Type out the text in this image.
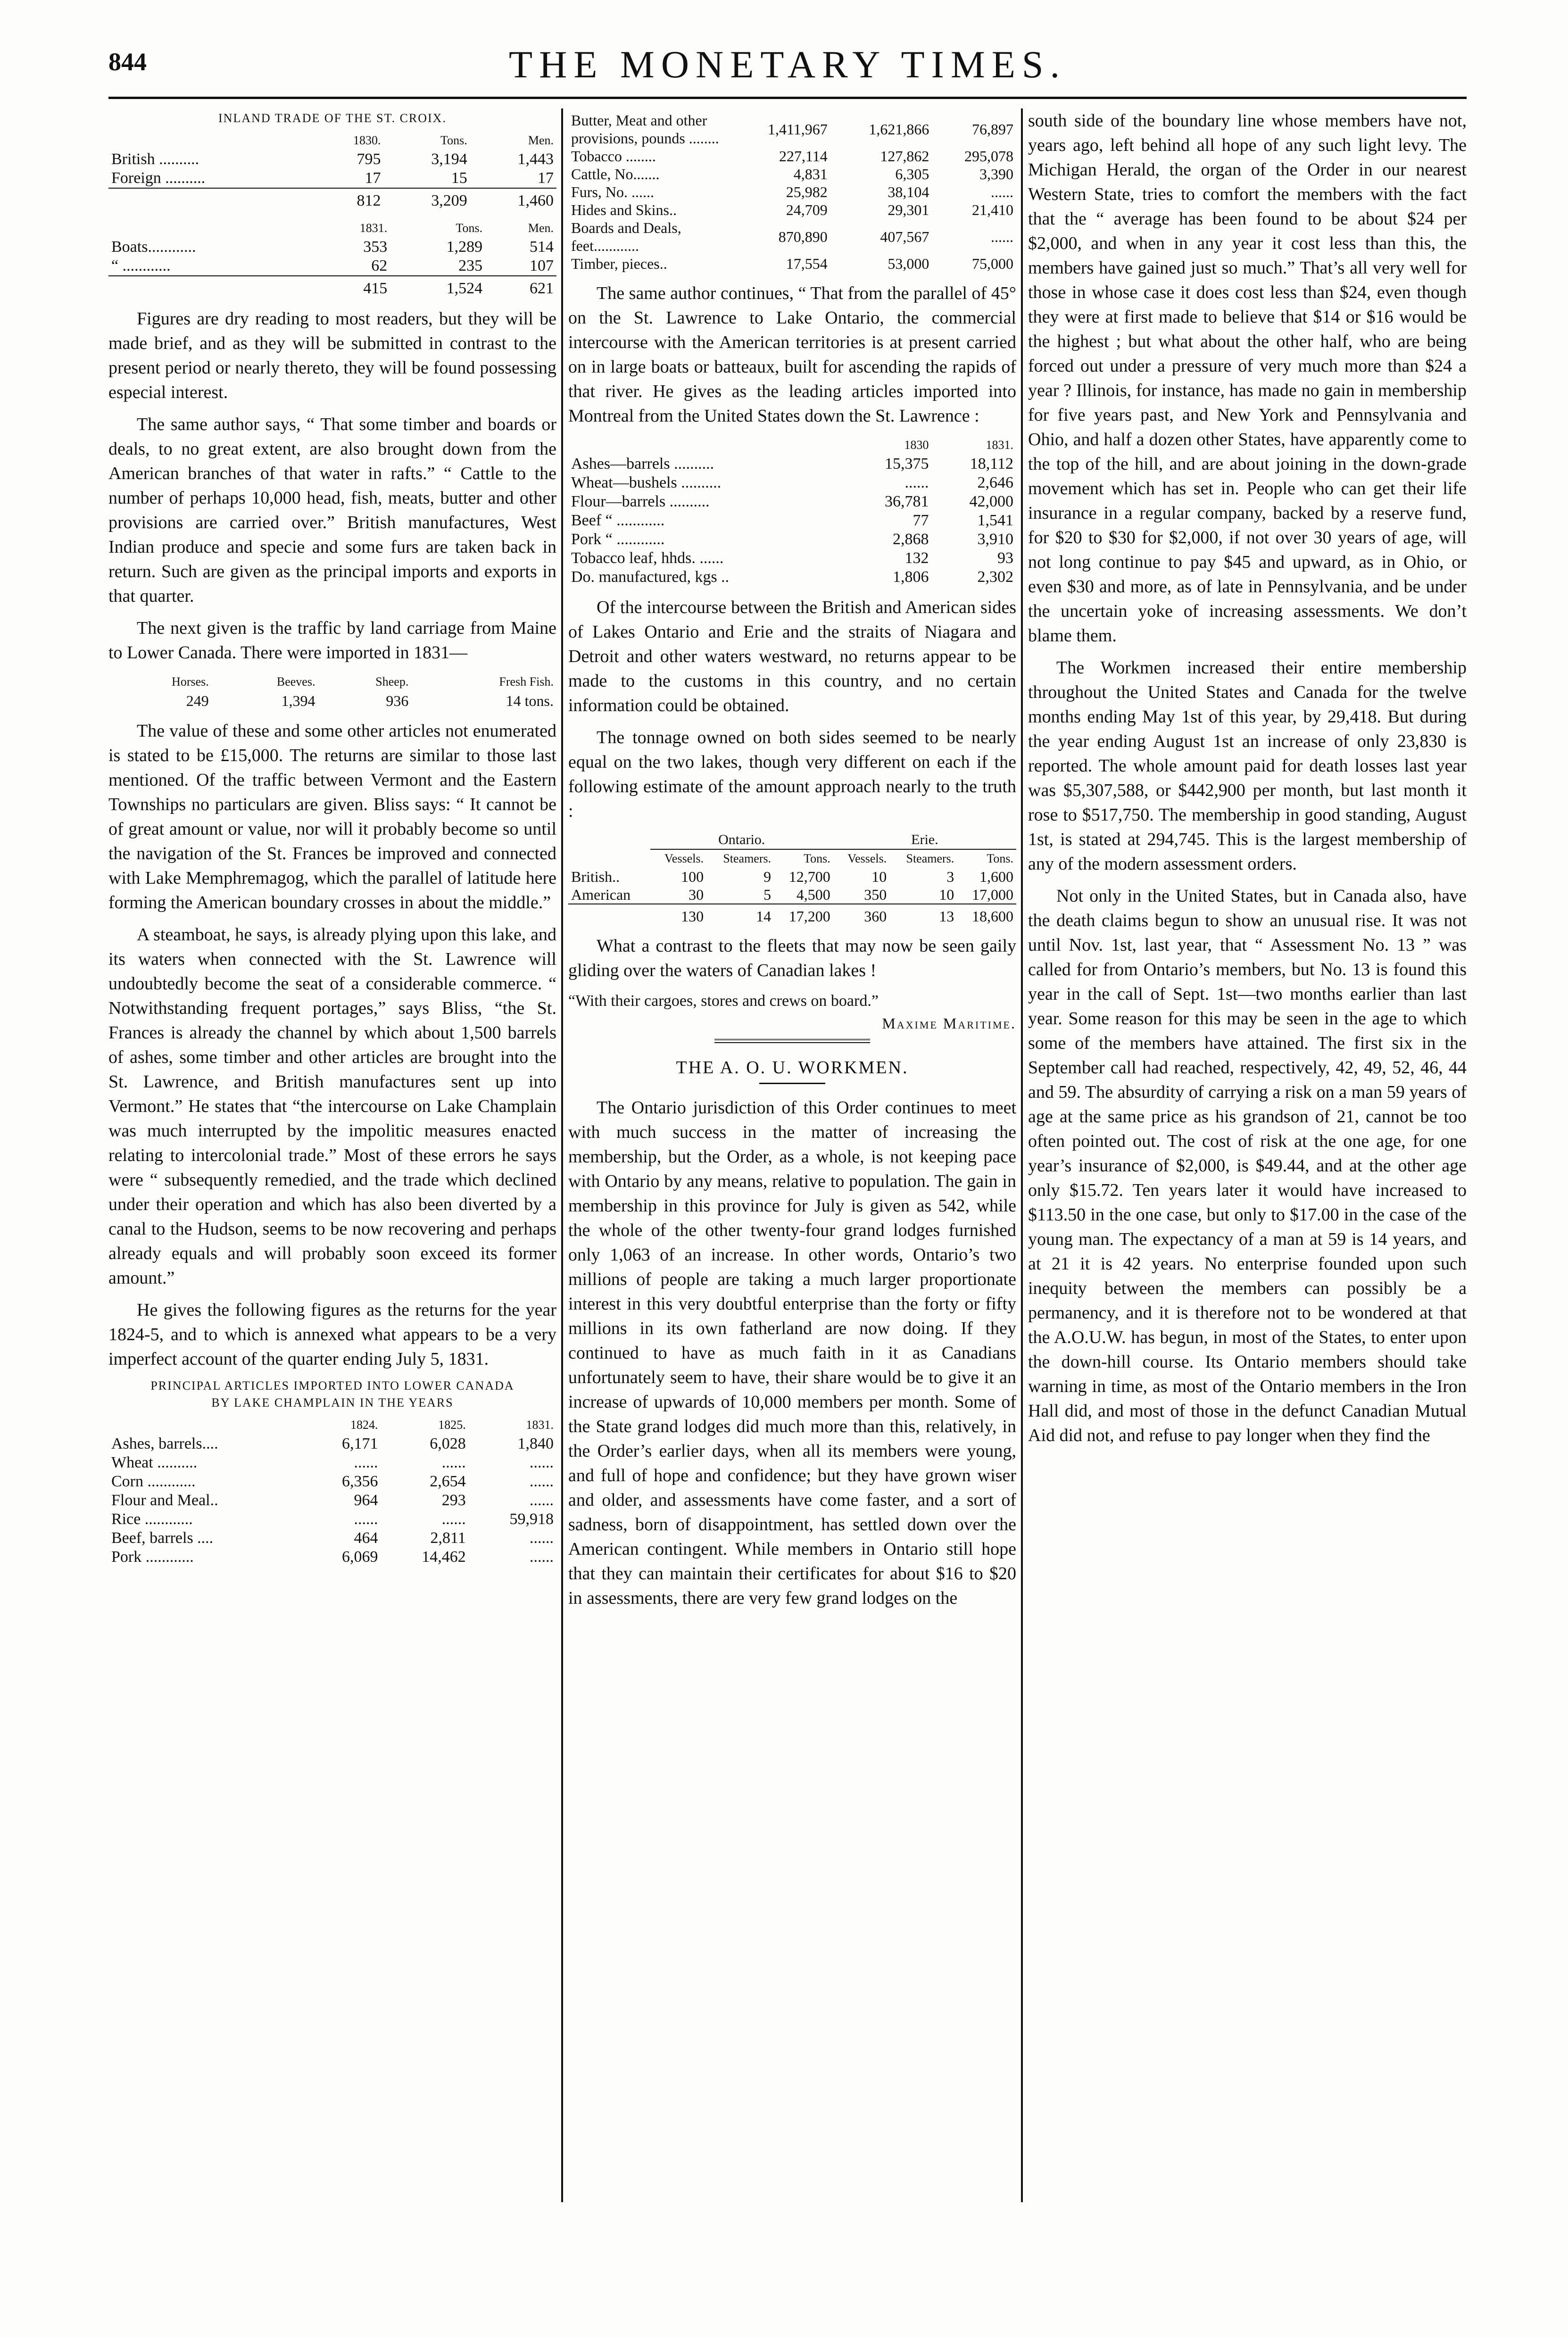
844	THE MONETARY TIMES.
INLAND TRADE OF THE ST. CROIX.
	1830.	Tons.	Men.
British ..........	795	3,194	1,443
Foreign ..........	17	15	17
	812	3,209	1,460
	1831.	Tons.	Men.
Boats............	353	1,289	514
“ ............	62	235	107
	415	1,524	621

Figures are dry reading to most readers, but they will be made brief, and as they will be submitted in contrast to the present period or nearly thereto, they will be found possessing especial interest.

The same author says, “ That some timber and boards or deals, to no great extent, are also brought down from the American branches of that water in rafts.” “ Cattle to the number of perhaps 10,000 head, fish, meats, butter and other provisions are carried over.” British manufactures, West Indian produce and specie and some furs are taken back in return. Such are given as the principal imports and exports in that quarter.

The next given is the traffic by land carriage from Maine to Lower Canada. There were imported in 1831—

Horses.	Beeves.	Sheep.	Fresh Fish.
249	1,394	936	14 tons.

The value of these and some other articles not enumerated is stated to be £15,000. The returns are similar to those last mentioned. Of the traffic between Vermont and the Eastern Townships no particulars are given. Bliss says: “ It cannot be of great amount or value, nor will it probably become so until the navigation of the St. Frances be improved and connected with Lake Memphremagog, which the parallel of latitude here forming the American boundary crosses in about the middle.”

A steamboat, he says, is already plying upon this lake, and its waters when connected with the St. Lawrence will undoubtedly become the seat of a considerable commerce. “ Notwithstanding frequent portages,” says Bliss, “the St. Frances is already the channel by which about 1,500 barrels of ashes, some timber and other articles are brought into the St. Lawrence, and British manufactures sent up into Vermont.” He states that “the intercourse on Lake Champlain was much interrupted by the impolitic measures enacted relating to intercolonial trade.” Most of these errors he says were “ subsequently remedied, and the trade which declined under their operation and which has also been diverted by a canal to the Hudson, seems to be now recovering and perhaps already equals and will probably soon exceed its former amount.”

He gives the following figures as the returns for the year 1824-5, and to which is annexed what appears to be a very imperfect account of the quarter ending July 5, 1831.

PRINCIPAL ARTICLES IMPORTED INTO LOWER CANADA
BY LAKE CHAMPLAIN IN THE YEARS
	1824.	1825.	1831.
Ashes, barrels....	6,171	6,028	1,840
Wheat ..........	......	......	......
Corn ............	6,356	2,654	......
Flour and Meal..	964	293	......
Rice ............	......	......	59,918
Beef, barrels ....	464	2,811	......
Pork ............	6,069	14,462	......
Butter, Meat and other provisions, pounds ........	1,411,967	1,621,866	76,897
Tobacco ........	227,114	127,862	295,078
Cattle, No.......	4,831	6,305	3,390
Furs, No. ......	25,982	38,104	......
Hides and Skins..	24,709	29,301	21,410
Boards and Deals, feet............	870,890	407,567	......
Timber, pieces..	17,554	53,000	75,000

The same author continues, “ That from the parallel of 45° on the St. Lawrence to Lake Ontario, the commercial intercourse with the American territories is at present carried on in large boats or batteaux, built for ascending the rapids of that river. He gives as the leading articles imported into Montreal from the United States down the St. Lawrence :

	1830	1831.
Ashes—barrels ..........	15,375	18,112
Wheat—bushels ..........	......	2,646
Flour—barrels ..........	36,781	42,000
Beef “ ............	77	1,541
Pork “ ............	2,868	3,910
Tobacco leaf, hhds. ......	132	93
Do. manufactured, kgs ..	1,806	2,302

Of the intercourse between the British and American sides of Lakes Ontario and Erie and the straits of Niagara and Detroit and other waters westward, no returns appear to be made to the customs in this country, and no certain information could be obtained.

The tonnage owned on both sides seemed to be nearly equal on the two lakes, though very different on each if the following estimate of the amount approach nearly to the truth :

	Ontario.			Erie.		
	Vessels.	Steamers.	Tons.	Vessels.	Steamers.	Tons.
British..	100	9	12,700	10	3	1,600
American	30	5	4,500	350	10	17,000
	130	14	17,200	360	13	18,600

What a contrast to the fleets that may now be seen gaily gliding over the waters of Canadian lakes !

“With their cargoes, stores and crews on board.”

Maxime Maritime.

THE A. O. U. WORKMEN.

The Ontario jurisdiction of this Order continues to meet with much success in the matter of increasing the membership, but the Order, as a whole, is not keeping pace with Ontario by any means, relative to population. The gain in membership in this province for July is given as 542, while the whole of the other twenty-four grand lodges furnished only 1,063 of an increase. In other words, Ontario’s two millions of people are taking a much larger proportionate interest in this very doubtful enterprise than the forty or fifty millions in its own fatherland are now doing. If they continued to have as much faith in it as Canadians unfortunately seem to have, their share would be to give it an increase of upwards of 10,000 members per month. Some of the State grand lodges did much more than this, relatively, in the Order’s earlier days, when all its members were young, and full of hope and confidence; but they have grown wiser and older, and assessments have come faster, and a sort of sadness, born of disappointment, has settled down over the American contingent. While members in Ontario still hope that they can maintain their certificates for about $16 to $20 in assessments, there are very few grand lodges on the

south side of the boundary line whose members have not, years ago, left behind all hope of any such light levy. The Michigan Herald, the organ of the Order in our nearest Western State, tries to comfort the members with the fact that the “ average has been found to be about $24 per $2,000, and when in any year it cost less than this, the members have gained just so much.” That’s all very well for those in whose case it does cost less than $24, even though they were at first made to believe that $14 or $16 would be the highest ; but what about the other half, who are being forced out under a pressure of very much more than $24 a year ? Illinois, for instance, has made no gain in membership for five years past, and New York and Pennsylvania and Ohio, and half a dozen other States, have apparently come to the top of the hill, and are about joining in the down-grade movement which has set in. People who can get their life insurance in a regular company, backed by a reserve fund, for $20 to $30 for $2,000, if not over 30 years of age, will not long continue to pay $45 and upward, as in Ohio, or even $30 and more, as of late in Pennsylvania, and be under the uncertain yoke of increasing assessments. We don’t blame them.

The Workmen increased their entire membership throughout the United States and Canada for the twelve months ending May 1st of this year, by 29,418. But during the year ending August 1st an increase of only 23,830 is reported. The whole amount paid for death losses last year was $5,307,588, or $442,900 per month, but last month it rose to $517,750. The membership in good standing, August 1st, is stated at 294,745. This is the largest membership of any of the modern assessment orders.

Not only in the United States, but in Canada also, have the death claims begun to show an unusual rise. It was not until Nov. 1st, last year, that “ Assessment No. 13 ” was called for from Ontario’s members, but No. 13 is found this year in the call of Sept. 1st—two months earlier than last year. Some reason for this may be seen in the age to which some of the members have attained. The first six in the September call had reached, respectively, 42, 49, 52, 46, 44 and 59. The absurdity of carrying a risk on a man 59 years of age at the same price as his grandson of 21, cannot be too often pointed out. The cost of risk at the one age, for one year’s insurance of $2,000, is $49.44, and at the other age only $15.72. Ten years later it would have increased to $113.50 in the one case, but only to $17.00 in the case of the young man. The expectancy of a man at 59 is 14 years, and at 21 it is 42 years. No enterprise founded upon such inequity between the members can possibly be a permanency, and it is therefore not to be wondered at that the A.O.U.W. has begun, in most of the States, to enter upon the down-hill course. Its Ontario members should take warning in time, as most of the Ontario members in the Iron Hall did, and most of those in the defunct Canadian Mutual Aid did not, and refuse to pay longer when they find the
